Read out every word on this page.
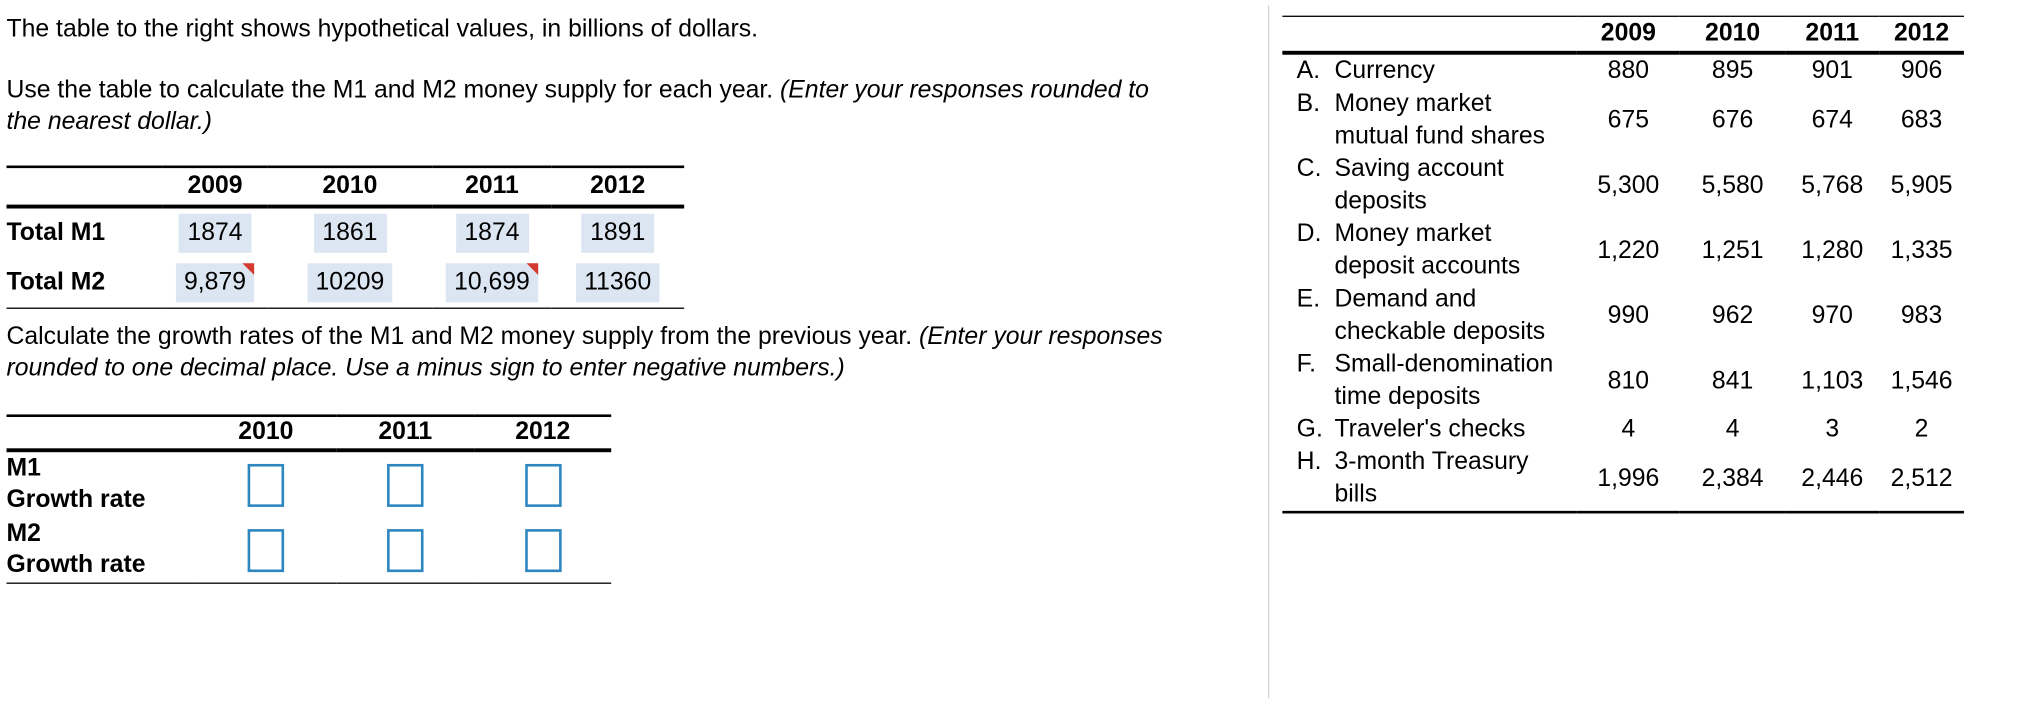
The table to the right shows hypothetical values, in billions of dollars.
Use the table to calculate the M1 and M2 money supply for each year. (Enter your responses rounded to
the nearest dollar.)
	2009	2010	2011	2012
Total M1	1874	1861	1874	1891
Total M2	9,879	10209	10,699	11360
Calculate the growth rates of the M1 and M2 money supply from the previous year. (Enter your responses
rounded to one decimal place. Use a minus sign to enter negative numbers.)
	2010	2011	2012
M1
Growth rate			
M2
Growth rate			
	2009	2010	2011	2012

A.	Currency	880	895	901	906

B.	Money market
mutual fund shares	675	676	674	683

C.	Saving account
deposits	5,300	5,580	5,768	5,905

D.	Money market
deposit accounts	1,220	1,251	1,280	1,335

E.	Demand and
checkable deposits	990	962	970	983

F.	Small-denomination
time deposits	810	841	1,103	1,546

G.	Traveler's checks	4	4	3	2

H.	3-month Treasury
bills	1,996	2,384	2,446	2,512
